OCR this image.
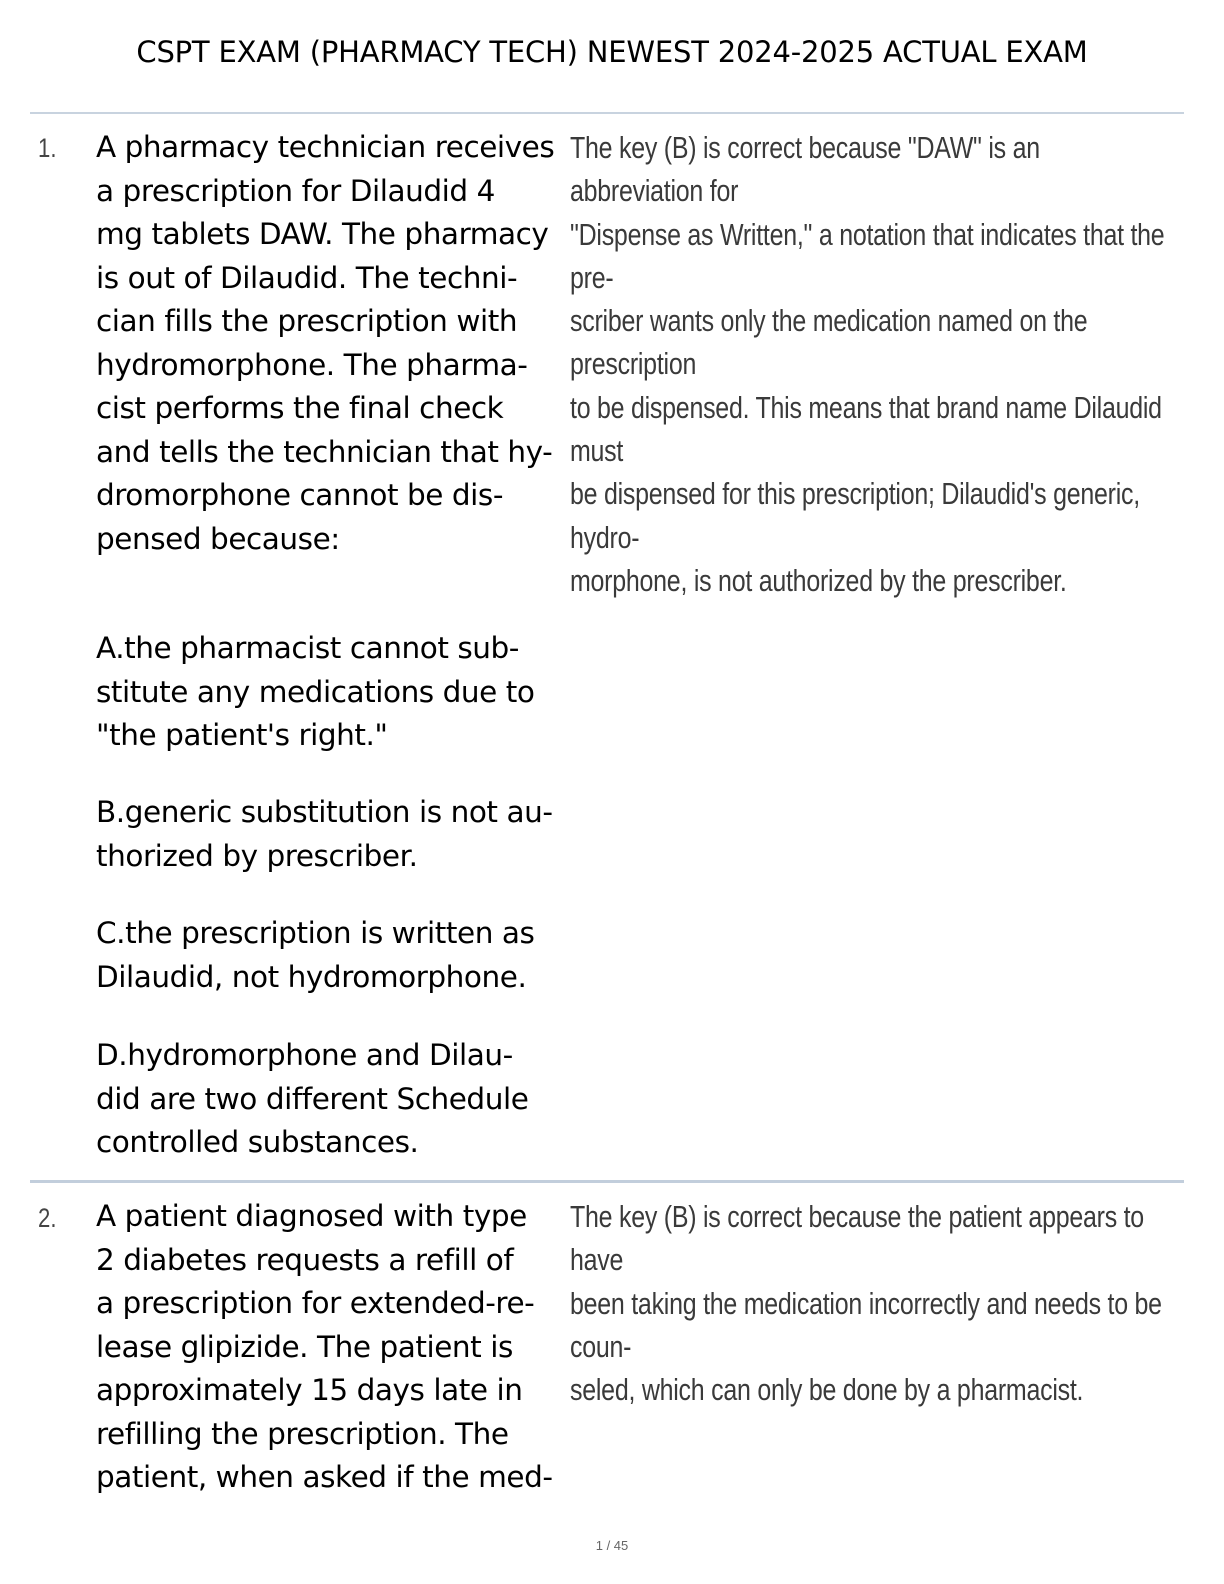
CSPT EXAM (PHARMACY TECH) NEWEST 2024-2025 ACTUAL EXAM
1. A pharmacy technician receives
a prescription for Dilaudid 4
mg tablets DAW. The pharmacy
is out of Dilaudid. The techni-
cian fills the prescription with
hydromorphone. The pharma-
cist performs the final check
and tells the technician that hy-
dromorphone cannot be dis-
pensed because:
A.the pharmacist cannot sub-
stitute any medications due to
"the patient's right."
B.generic substitution is not au-
thorized by prescriber.
C.the prescription is written as
Dilaudid, not hydromorphone.
D.hydromorphone and Dilau-
did are two different Schedule
controlled substances.
The key (B) is correct because "DAW" is an abbreviation for
"Dispense as Written," a notation that indicates that the pre-
scriber wants only the medication named on the prescription
to be dispensed. This means that brand name Dilaudid must
be dispensed for this prescription; Dilaudid's generic, hydro-
morphone, is not authorized by the prescriber.
2. A patient diagnosed with type
2 diabetes requests a refill of
a prescription for extended-re-
lease glipizide. The patient is
approximately 15 days late in
refilling the prescription. The
patient, when asked if the med-
The key (B) is correct because the patient appears to have
been taking the medication incorrectly and needs to be coun-
seled, which can only be done by a pharmacist.
1 / 45
